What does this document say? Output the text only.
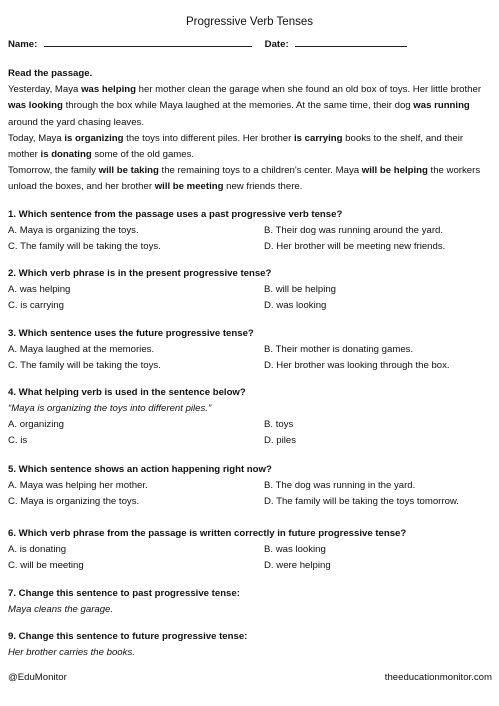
Progressive Verb Tenses
Name:	Date:

Read the passage.

Yesterday, Maya was helping her mother clean the garage when she found an old box of toys. Her little brother was looking through the box while Maya laughed at the memories. At the same time, their dog was running around the yard chasing leaves.

Today, Maya is organizing the toys into different piles. Her brother is carrying books to the shelf, and their mother is donating some of the old games.

Tomorrow, the family will be taking the remaining toys to a children's center. Maya will be helping the workers unload the boxes, and her brother will be meeting new friends there.

1. Which sentence from the passage uses a past progressive verb tense?
A. Maya is organizing the toys.	B. Their dog was running around the yard.
C. The family will be taking the toys.	D. Her brother will be meeting new friends.
2. Which verb phrase is in the present progressive tense?
A. was helping	B. will be helping
C. is carrying	D. was looking
3. Which sentence uses the future progressive tense?
A. Maya laughed at the memories.	B. Their mother is donating games.
C. The family will be taking the toys.	D. Her brother was looking through the box.
4. What helping verb is used in the sentence below?
“Maya is organizing the toys into different piles.”
A. organizing	B. toys
C. is	D. piles
5. Which sentence shows an action happening right now?
A. Maya was helping her mother.	B. The dog was running in the yard.
C. Maya is organizing the toys.	D. The family will be taking the toys tomorrow.
6. Which verb phrase from the passage is written correctly in future progressive tense?
A. is donating	B. was looking
C. will be meeting	D. were helping
7. Change this sentence to past progressive tense:
Maya cleans the garage.
9. Change this sentence to future progressive tense:
Her brother carries the books.
@EduMonitor	theeducationmonitor.com
